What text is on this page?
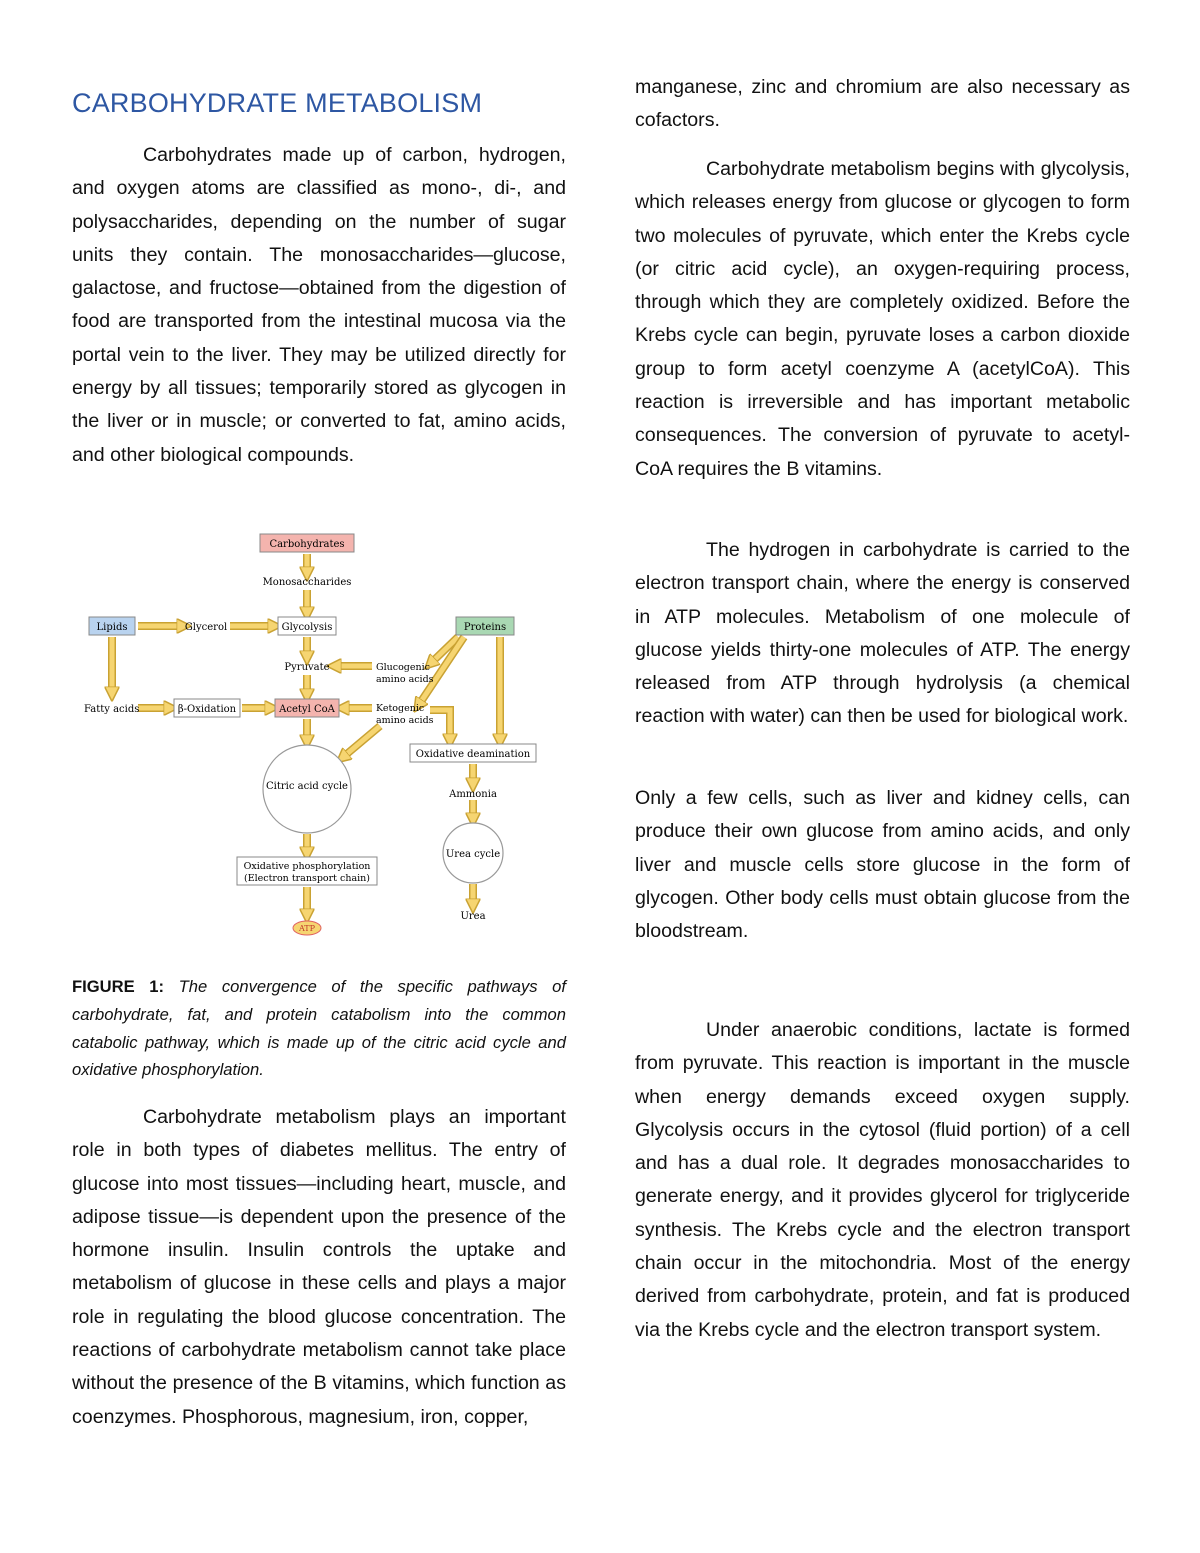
CARBOHYDRATE METABOLISM

Carbohydrates made up of carbon, hydrogen, and oxygen atoms are classified as mono-, di-, and polysaccharides, depending on the number of sugar units they contain. The monosaccharides—glucose, galactose, and fructose—obtained from the digestion of food are transported from the intestinal mucosa via the portal vein to the liver. They may be utilized directly for energy by all tissues; temporarily stored as glycogen in the liver or in muscle; or converted to fat, amino acids, and other biological compounds.

FIGURE 1: The convergence of the specific pathways of carbohydrate, fat, and protein catabolism into the common catabolic pathway, which is made up of the citric acid cycle and oxidative phosphorylation.

Carbohydrate metabolism plays an important role in both types of diabetes mellitus. The entry of glucose into most tissues—including heart, muscle, and adipose tissue—is dependent upon the presence of the hormone insulin. Insulin controls the uptake and metabolism of glucose in these cells and plays a major role in regulating the blood glucose concentration. The reactions of carbohydrate metabolism cannot take place without the presence of the B vitamins, which function as coenzymes. Phosphorous, magnesium, iron, copper,

Carbohydrates
Monosaccharides
Lipids	Glycerol	Glycolysis	Proteins
Pyruvate	Glucogenic
amino acids
Fatty acids	β-Oxidation	Acetyl CoA	Ketogenic
amino acids
Oxidative deamination
Citric acid cycle
Ammonia
Urea cycle
Oxidative phosphorylation
(Electron transport chain)
ATP
Urea

manganese, zinc and chromium are also necessary as cofactors.

Carbohydrate metabolism begins with glycolysis, which releases energy from glucose or glycogen to form two molecules of pyruvate, which enter the Krebs cycle (or citric acid cycle), an oxygen-requiring process, through which they are completely oxidized. Before the Krebs cycle can begin, pyruvate loses a carbon dioxide group to form acetyl coenzyme A (acetylCoA). This reaction is irreversible and has important metabolic consequences. The conversion of pyruvate to acetyl-CoA requires the B vitamins.

The hydrogen in carbohydrate is carried to the electron transport chain, where the energy is conserved in ATP molecules. Metabolism of one molecule of glucose yields thirty-one molecules of ATP. The energy released from ATP through hydrolysis (a chemical reaction with water) can then be used for biological work.

Only a few cells, such as liver and kidney cells, can produce their own glucose from amino acids, and only liver and muscle cells store glucose in the form of glycogen. Other body cells must obtain glucose from the bloodstream.

Under anaerobic conditions, lactate is formed from pyruvate. This reaction is important in the muscle when energy demands exceed oxygen supply. Glycolysis occurs in the cytosol (fluid portion) of a cell and has a dual role. It degrades monosaccharides to generate energy, and it provides glycerol for triglyceride synthesis. The Krebs cycle and the electron transport chain occur in the mitochondria. Most of the energy derived from carbohydrate, protein, and fat is produced via the Krebs cycle and the electron transport system.
